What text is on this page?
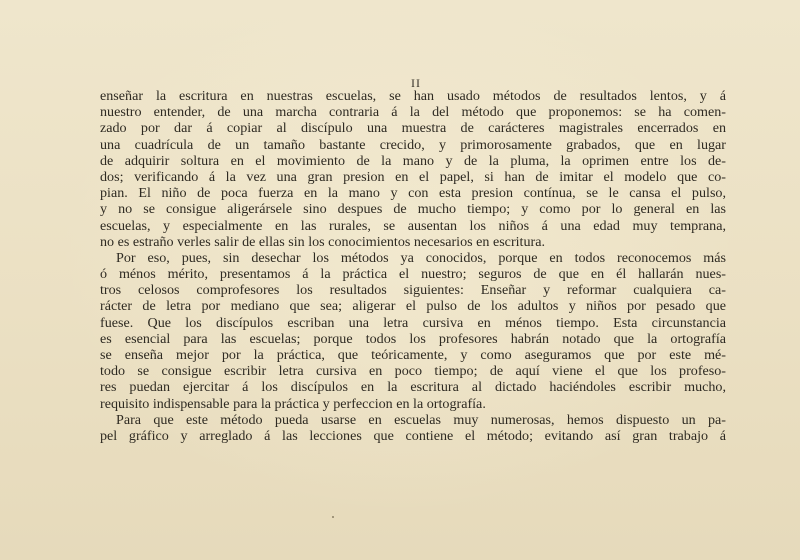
II
enseñar la escritura en nuestras escuelas, se han usado métodos de resultados lentos, y á
nuestro entender, de una marcha contraria á la del método que proponemos: se ha comen-
zado por dar á copiar al discípulo una muestra de carácteres magistrales encerrados en
una cuadrícula de un tamaño bastante crecido, y primorosamente grabados, que en lugar
de adquirir soltura en el movimiento de la mano y de la pluma, la oprimen entre los de-
dos; verificando á la vez una gran presion en el papel, si han de imitar el modelo que co-
pian. El niño de poca fuerza en la mano y con esta presion contínua, se le cansa el pulso,
y no se consigue aligerársele sino despues de mucho tiempo; y como por lo general en las
escuelas, y especialmente en las rurales, se ausentan los niños á una edad muy temprana,
no es estraño verles salir de ellas sin los conocimientos necesarios en escritura.
Por eso, pues, sin desechar los métodos ya conocidos, porque en todos reconocemos más
ó ménos mérito, presentamos á la práctica el nuestro; seguros de que en él hallarán nues-
tros celosos comprofesores los resultados siguientes: Enseñar y reformar cualquiera ca-
rácter de letra por mediano que sea; aligerar el pulso de los adultos y niños por pesado que
fuese. Que los discípulos escriban una letra cursiva en ménos tiempo. Esta circunstancia
es esencial para las escuelas; porque todos los profesores habrán notado que la ortografía
se enseña mejor por la práctica, que teóricamente, y como aseguramos que por este mé-
todo se consigue escribir letra cursiva en poco tiempo; de aquí viene el que los profeso-
res puedan ejercitar á los discípulos en la escritura al dictado haciéndoles escribir mucho,
requisito indispensable para la práctica y perfeccion en la ortografía.
Para que este método pueda usarse en escuelas muy numerosas, hemos dispuesto un pa-
pel gráfico y arreglado á las lecciones que contiene el método; evitando así gran trabajo á
